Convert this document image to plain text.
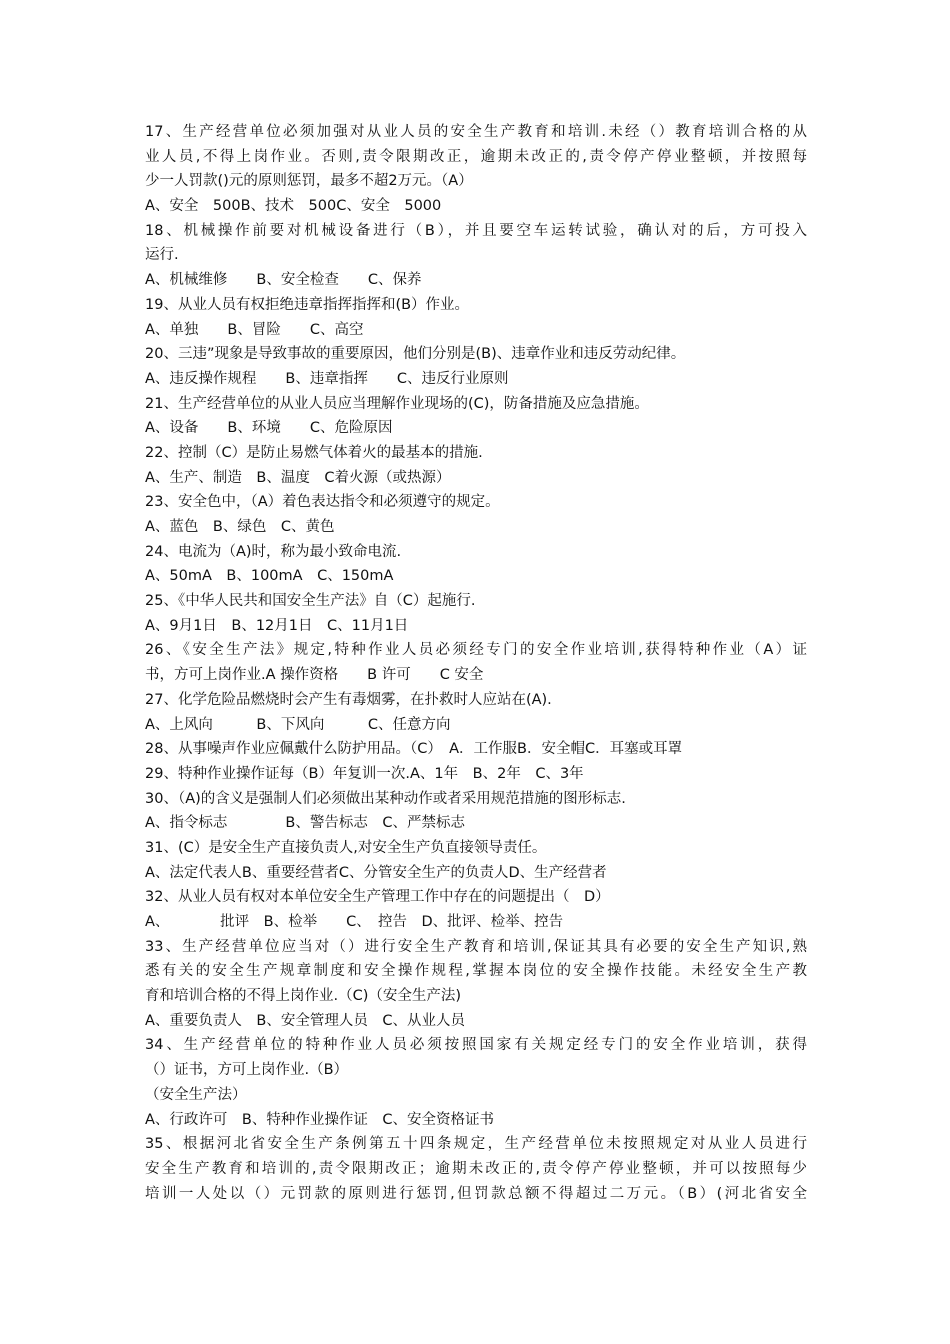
17、生产经营单位必须加强对从业人员的安全生产教育和培训.未经（）教育培训合格的从
业人员,不得上岗作业。否则,责令限期改正，逾期未改正的,责令停产停业整顿，并按照每
少一人罚款()元的原则惩罚，最多不超2万元。（A）
A、安全　500B、技术　500C、安全　5000
18、机械操作前要对机械设备进行（B），并且要空车运转试验，确认对的后，方可投入
运行.
A、机械维修　　B、安全检查　　C、保养
19、从业人员有权拒绝违章指挥指挥和(B）作业。
A、单独　　B、冒险　　C、高空
20、三违”现象是导致事故的重要原因，他们分别是(B)、违章作业和违反劳动纪律。
A、违反操作规程　　B、违章指挥　　C、违反行业原则
21、生产经营单位的从业人员应当理解作业现场的(C)，防备措施及应急措施。
A、设备　　B、环境　　C、危险原因
22、控制（C）是防止易燃气体着火的最基本的措施.
A、生产、制造　B、温度　C着火源（或热源）
23、安全色中，（A）着色表达指令和必须遵守的规定。
A、蓝色　B、绿色　C、黄色
24、电流为（A)时，称为最小致命电流.
A、50mA　B、100mA　C、150mA
25、《中华人民共和国安全生产法》自（C）起施行.
A、9月1日　B、12月1日　C、11月1日
26、《安全生产法》规定,特种作业人员必须经专门的安全作业培训,获得特种作业（A）证
书，方可上岗作业.A 操作资格　　B 许可　　C 安全
27、化学危险品燃烧时会产生有毒烟雾，在扑救时人应站在(A).
A、上风向　　　B、下风向　　　C、任意方向
28、从事噪声作业应佩戴什么防护用品。（C）　A．工作服B．安全帽C．耳塞或耳罩
29、特种作业操作证每（B）年复训一次.A、1年　B、2年　C、3年
30、（A)的含义是强制人们必须做出某种动作或者采用规范措施的图形标志.
A、指令标志　　　　B、警告标志　C、严禁标志
31、(C）是安全生产直接负责人,对安全生产负直接领导责任。
A、法定代表人B、重要经营者C、分管安全生产的负责人D、生产经营者
32、从业人员有权对本单位安全生产管理工作中存在的问题提出（　D）
A、　　　　批评　B、检举　　C、　控告　D、批评、检举、控告
33、生产经营单位应当对（）进行安全生产教育和培训,保证其具有必要的安全生产知识,熟
悉有关的安全生产规章制度和安全操作规程,掌握本岗位的安全操作技能。未经安全生产教
育和培训合格的不得上岗作业.（C)（安全生产法)
A、重要负责人　B、安全管理人员　C、从业人员
34、生产经营单位的特种作业人员必须按照国家有关规定经专门的安全作业培训，获得
（）证书，方可上岗作业.（B）
（安全生产法）
A、行政许可　B、特种作业操作证　C、安全资格证书
35、根据河北省安全生产条例第五十四条规定，生产经营单位未按照规定对从业人员进行
安全生产教育和培训的,责令限期改正；逾期未改正的,责令停产停业整顿，并可以按照每少
培训一人处以（）元罚款的原则进行惩罚,但罚款总额不得超过二万元。（B）(河北省安全
